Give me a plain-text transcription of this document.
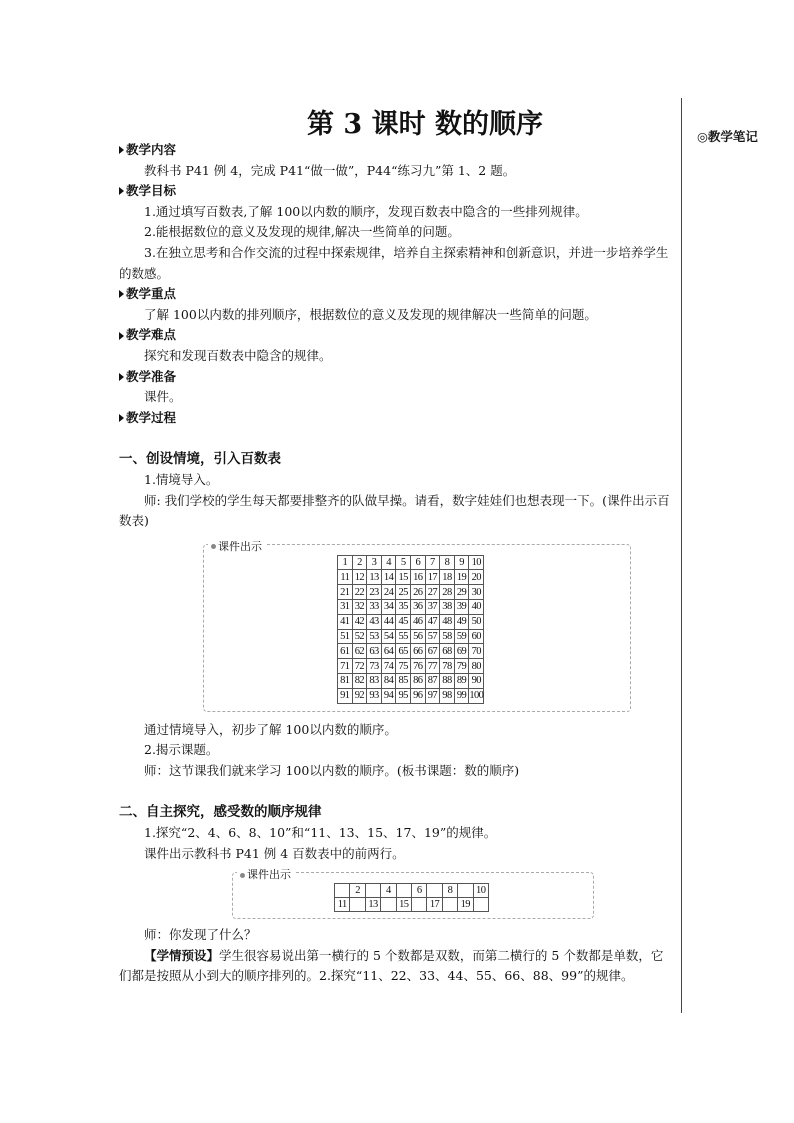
◎教学笔记
第 3 课时 数的顺序
教学内容
教科书 P41 例 4，完成 P41“做一做”，P44“练习九”第 1、2 题。
教学目标
1.通过填写百数表,了解 100以内数的顺序，发现百数表中隐含的一些排列规律。
2.能根据数位的意义及发现的规律,解决一些简单的问题。
3.在独立思考和合作交流的过程中探索规律，培养自主探索精神和创新意识，并进一步培养学生的数感。
教学重点
了解 100以内数的排列顺序，根据数位的意义及发现的规律解决一些简单的问题。
教学难点
探究和发现百数表中隐含的规律。
教学准备
课件。
教学过程
一、创设情境，引入百数表
1.情境导入。
师: 我们学校的学生每天都要排整齐的队做早操。请看，数字娃娃们也想表现一下。(课件出示百数表)
课件出示
1	2	3	4	5	6	7	8	9	10
11	12	13	14	15	16	17	18	19	20
21	22	23	24	25	26	27	28	29	30
31	32	33	34	35	36	37	38	39	40
41	42	43	44	45	46	47	48	49	50
51	52	53	54	55	56	57	58	59	60
61	62	63	64	65	66	67	68	69	70
71	72	73	74	75	76	77	78	79	80
81	82	83	84	85	86	87	88	89	90
91	92	93	94	95	96	97	98	99	100
通过情境导入，初步了解 100以内数的顺序。
2.揭示课题。
师：这节课我们就来学习 100以内数的顺序。(板书课题：数的顺序)
二、自主探究，感受数的顺序规律
1.探究“2、4、6、8、10”和“11、13、15、17、19”的规律。
课件出示教科书 P41 例 4 百数表中的前两行。
课件出示
	2		4		6		8		10
11		13		15		17		19	
师：你发现了什么？
【学情预设】学生很容易说出第一横行的 5 个数都是双数，而第二横行的 5 个数都是单数，它们都是按照从小到大的顺序排列的。2.探究“11、22、33、44、55、66、88、99”的规律。
